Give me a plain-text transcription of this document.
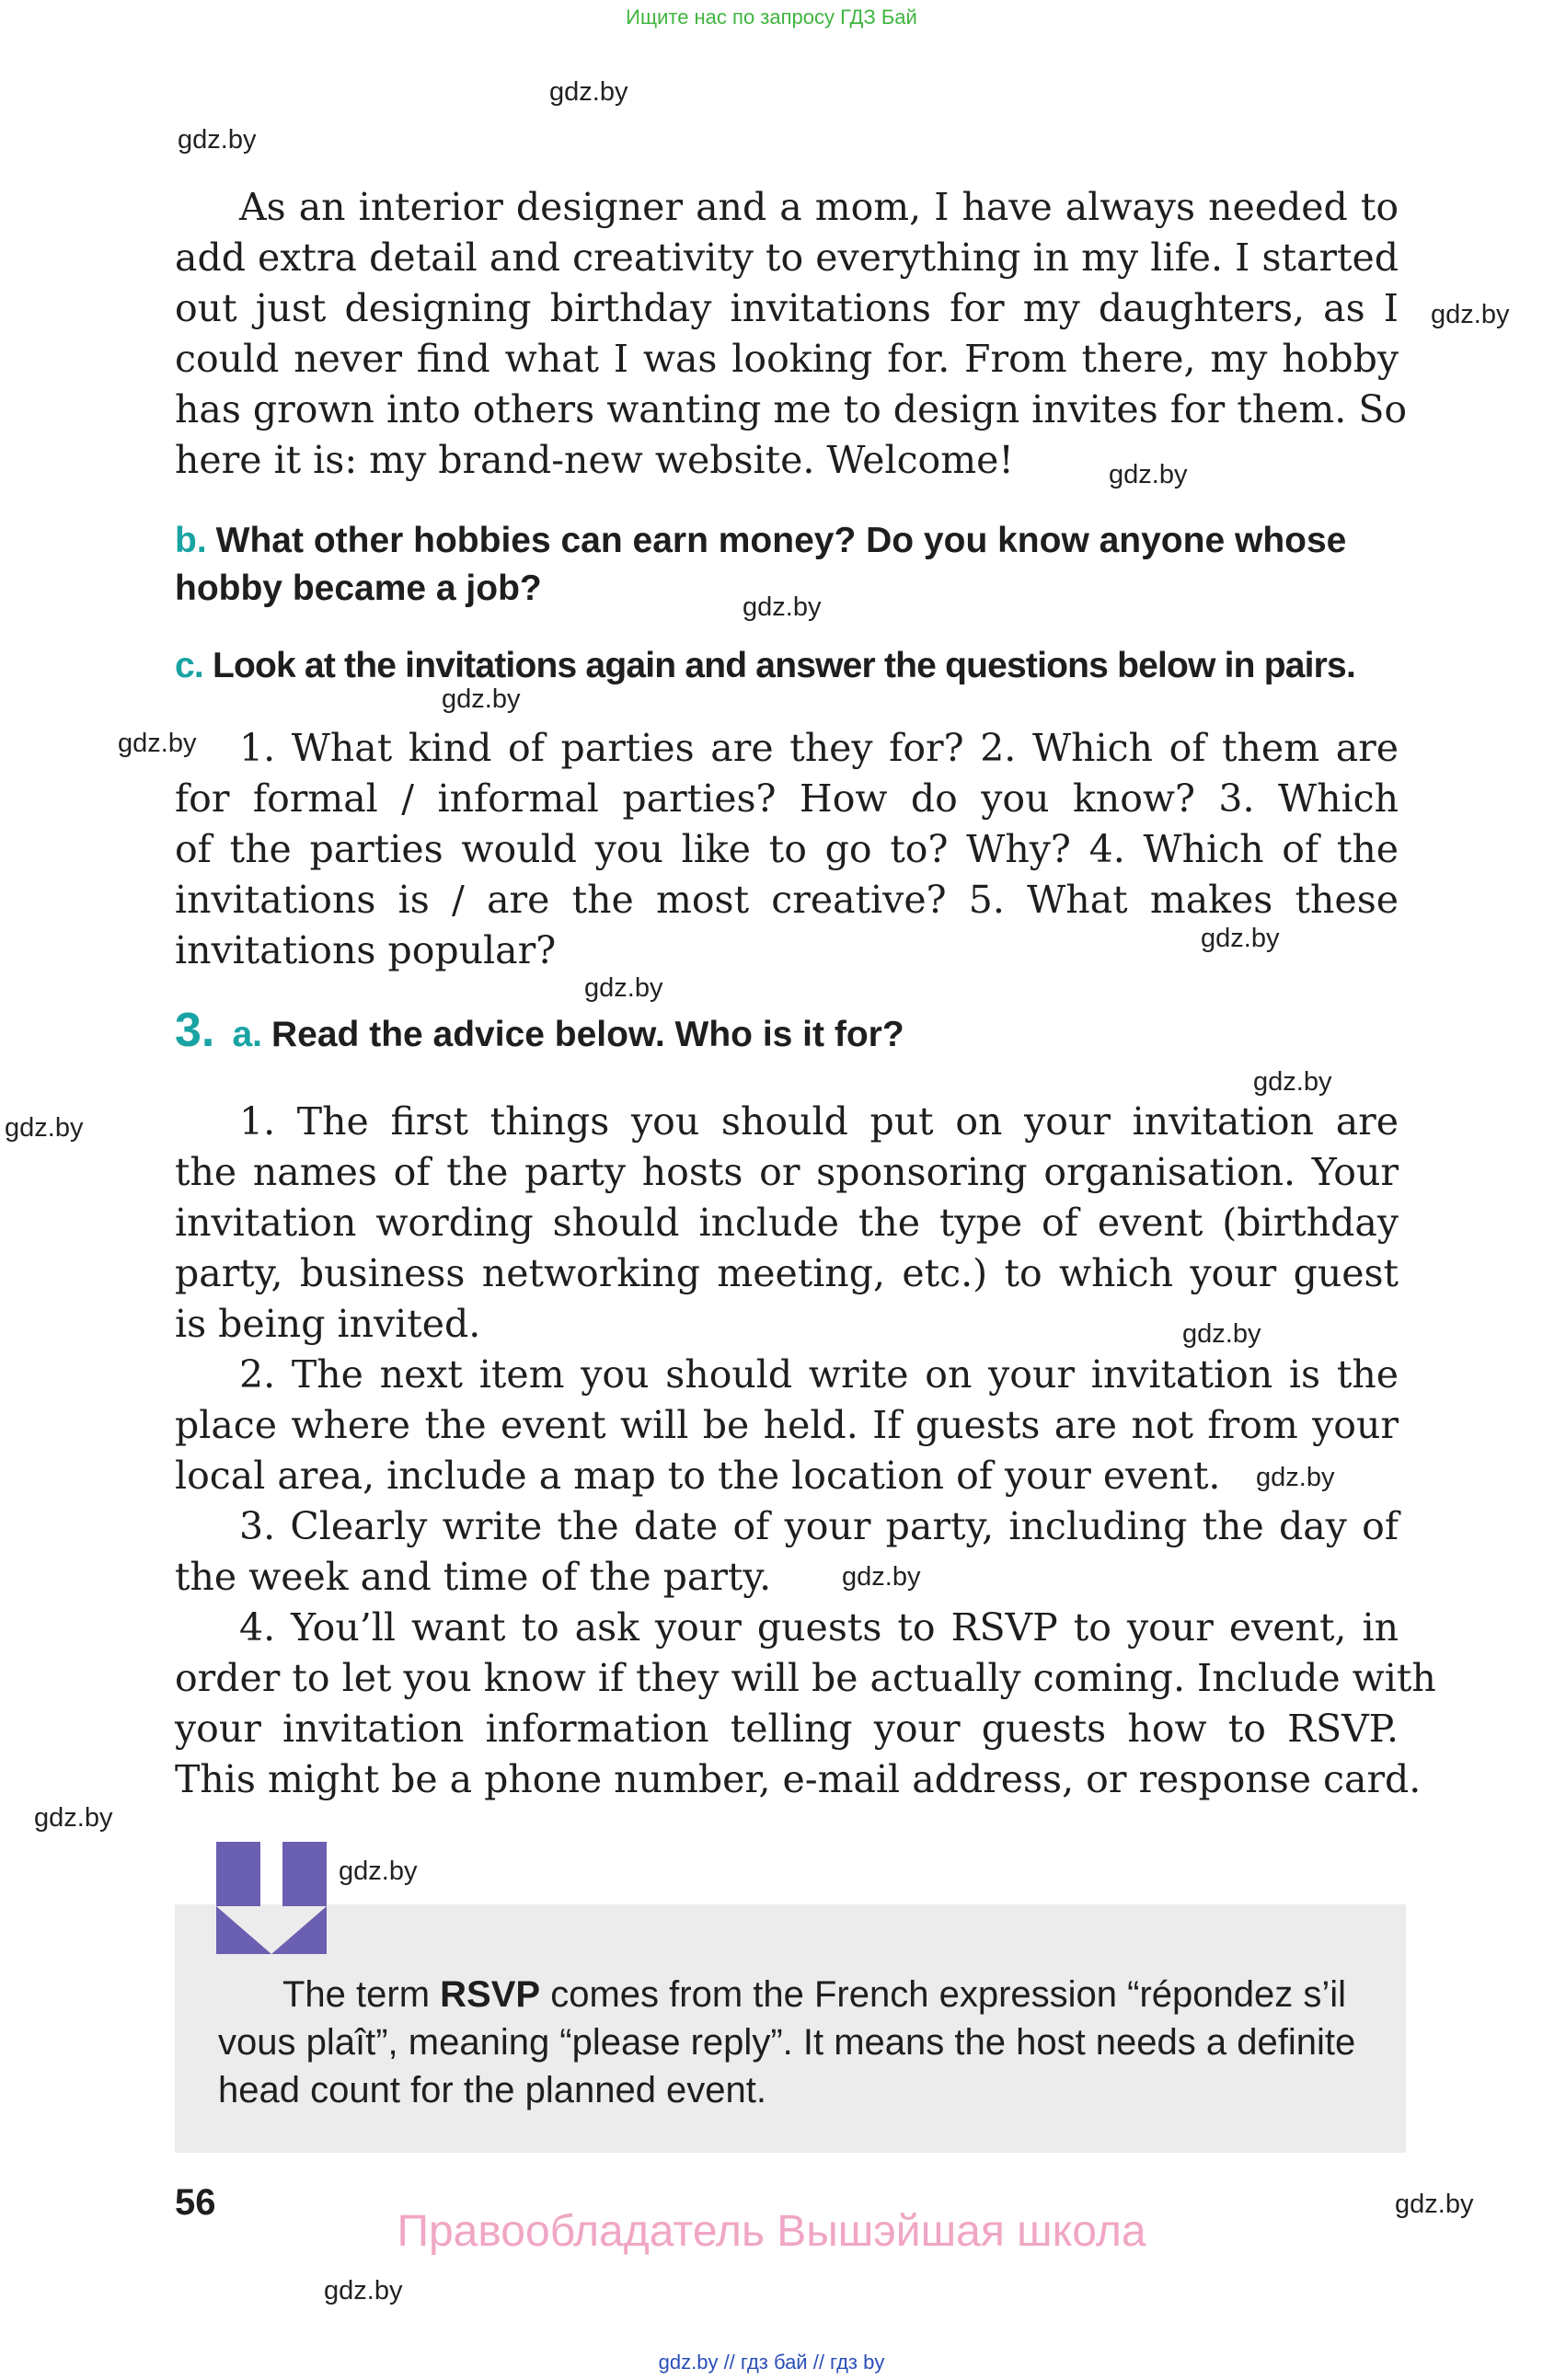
Ищите нас по запросу ГДЗ Бай
gdz.by
gdz.by
gdz.by
gdz.by
gdz.by
gdz.by
gdz.by
gdz.by
gdz.by
gdz.by
gdz.by
gdz.by
gdz.by
gdz.by
gdz.by
gdz.by
gdz.by
gdz.by
As an interior designer and a mom, I have always needed to
add extra detail and creativity to everything in my life. I started
out just designing birthday invitations for my daughters, as I
could never find what I was looking for. From there, my hobby
has grown into others wanting me to design invites for them. So
here it is: my brand-new website. Welcome!
b. What other hobbies can earn money? Do you know anyone whose
hobby became a job?
c. Look at the invitations again and answer the questions below in pairs.
1. What kind of parties are they for? 2. Which of them are
for formal / informal parties? How do you know? 3. Which
of the parties would you like to go to? Why? 4. Which of the
invitations is / are the most creative? 5. What makes these
invitations popular?
3. a. Read the advice below. Who is it for?
1. The first things you should put on your invitation are
the names of the party hosts or sponsoring organisation. Your
invitation wording should include the type of event (birthday
party, business networking meeting, etc.) to which your guest
is being invited.
2. The next item you should write on your invitation is the
place where the event will be held. If guests are not from your
local area, include a map to the location of your event.
3. Clearly write the date of your party, including the day of
the week and time of the party.
4. You’ll want to ask your guests to RSVP to your event, in
order to let you know if they will be actually coming. Include with
your invitation information telling your guests how to RSVP.
This might be a phone number, e-mail address, or response card.
The term RSVP comes from the French expression “répondez s’il vous plaît”, meaning “please reply”. It means the host needs a definite head count for the planned event.
56
Правообладатель Вышэйшая школа
gdz.by // гдз бай // гдз by
